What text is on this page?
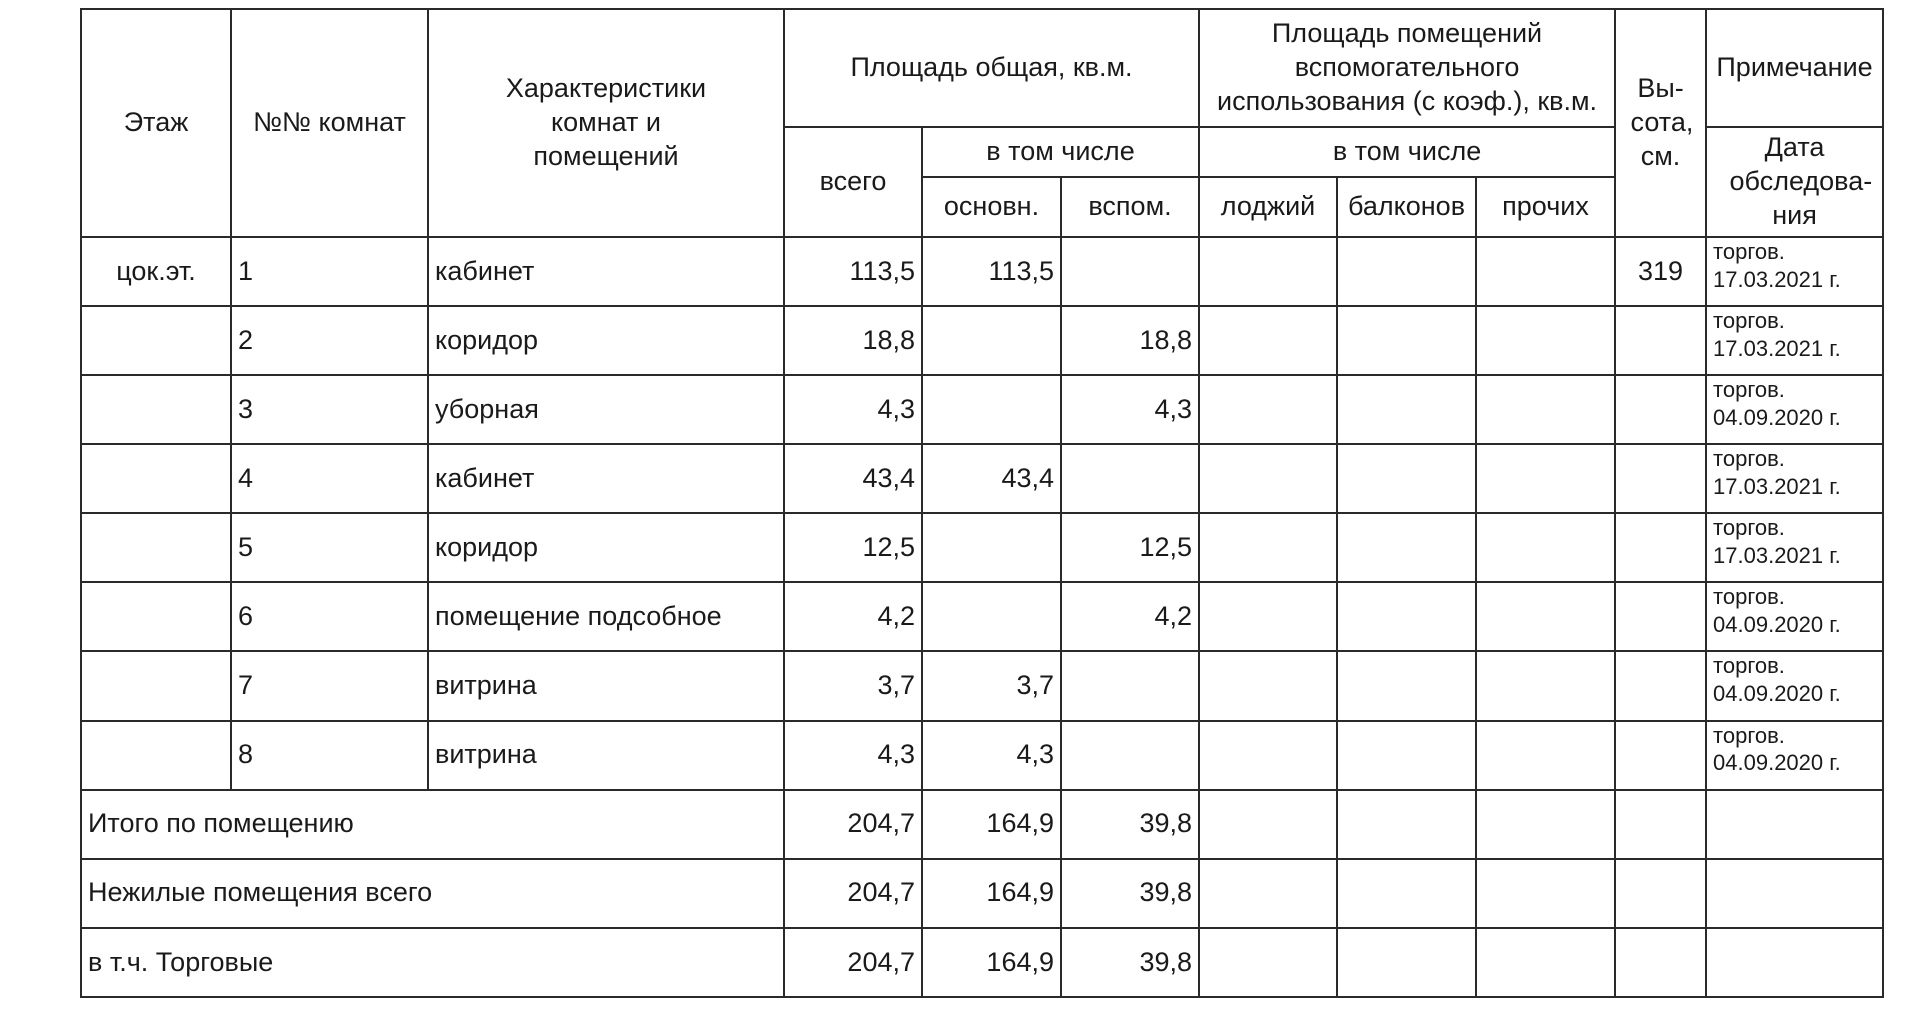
Этаж	№№ комнат	Характеристики комнат и помещений	Площадь общая, кв.м.			Площадь помещений вспомогательного использования (с коэф.), кв.м.			Вы-сота, см.	Примечание
			всего	в том числе		в том числе				Дата обследова-ния
				основн.	вспом.	лоджий	балконов	прочих		
цок.эт.	1	кабинет	113,5	113,5					319	торгов.
17.03.2021 г.

	2	коридор	18,8		18,8					торгов.
17.03.2021 г.

	3	уборная	4,3		4,3					торгов.
04.09.2020 г.

	4	кабинет	43,4	43,4						торгов.
17.03.2021 г.

	5	коридор	12,5		12,5					торгов.
17.03.2021 г.

	6	помещение подсобное	4,2		4,2					торгов.
04.09.2020 г.

	7	витрина	3,7	3,7						торгов.
04.09.2020 г.

	8	витрина	4,3	4,3						торгов.
04.09.2020 г.

Итого по помещению			204,7	164,9	39,8					
Нежилые помещения всего			204,7	164,9	39,8					
в т.ч. Торговые			204,7	164,9	39,8					
